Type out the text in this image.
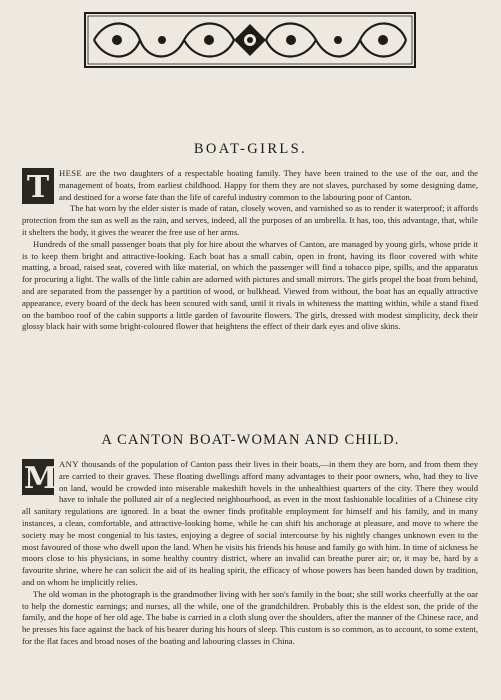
BOAT-GIRLS.

T	HESE are the two daughters of a respectable boating family. They have been trained to the use of the oar, and the management of boats, from earliest childhood. Happy for them they are not slaves, purchased by some designing dame, and destined for a worse fate than the life of careful industry common to the labouring poor of Canton.

The hat worn by the elder sister is made of ratan, closely woven, and varnished so as to render it waterproof; it affords protection from the sun as well as the rain, and serves, indeed, all the purposes of an umbrella. It has, too, this advantage, that, while it shelters the body, it gives the wearer the free use of her arms.

Hundreds of the small passenger boats that ply for hire about the wharves of Canton, are managed by young girls, whose pride it is to keep them bright and attractive-looking. Each boat has a small cabin, open in front, having its floor covered with white matting, a broad, raised seat, covered with like material, on which the passenger will find a tobacco pipe, spills, and the apparatus for procuring a light. The walls of the little cabin are adorned with pictures and small mirrors. The girls propel the boat from behind, and are separated from the passenger by a partition of wood, or bulkhead. Viewed from without, the boat has an equally attractive appearance, every board of the deck has been scoured with sand, until it rivals in whiteness the matting within, while a stand fixed on the bamboo roof of the cabin supports a little garden of favourite flowers. The girls, dressed with modest simplicity, deck their glossy black hair with some bright-coloured flower that heightens the effect of their dark eyes and olive skins.

A CANTON BOAT-WOMAN AND CHILD.

M ANY thousands of the population of Canton pass their lives in their boats,—in them they are born, and from them they are carried to their graves. These floating dwellings afford many advantages to their poor owners, who, had they to live on land, would be crowded into miserable makeshift hovels in the unhealthiest quarters of the city. There they would have to inhale the polluted air of a neglected neighbourhood, as even in the most fashionable localities of a Chinese city all sanitary regulations are ignored. In a boat the owner finds profitable employment for himself and his family, and in many instances, a clean, comfortable, and attractive-looking home, while he can shift his anchorage at pleasure, and move to where the society may be most congenial to his tastes, enjoying a degree of social intercourse by his nightly changes unknown even to the most favoured of those who dwell upon the land. When he visits his friends his house and family go with him. In time of sickness he moors close to his physicians, in some healthy country district, where an invalid can breathe purer air; or, it may be, hard by a favourite shrine, where he can solicit the aid of its healing spirit, the efficacy of whose powers has been handed down by tradition, and on whom he implicitly relies.

The old woman in the photograph is the grandmother living with her son's family in the boat; she still works cheerfully at the oar to help the domestic earnings; and nurses, all the while, one of the grandchildren. Probably this is the eldest son, the pride of the family, and the hope of her old age. The babe is carried in a cloth slung over the shoulders, after the manner of the Chinese race, and he presses his face against the back of his bearer during his hours of sleep. This custom is so common, as to account, to some extent, for the flat faces and broad noses of the boating and labouring classes in China.
